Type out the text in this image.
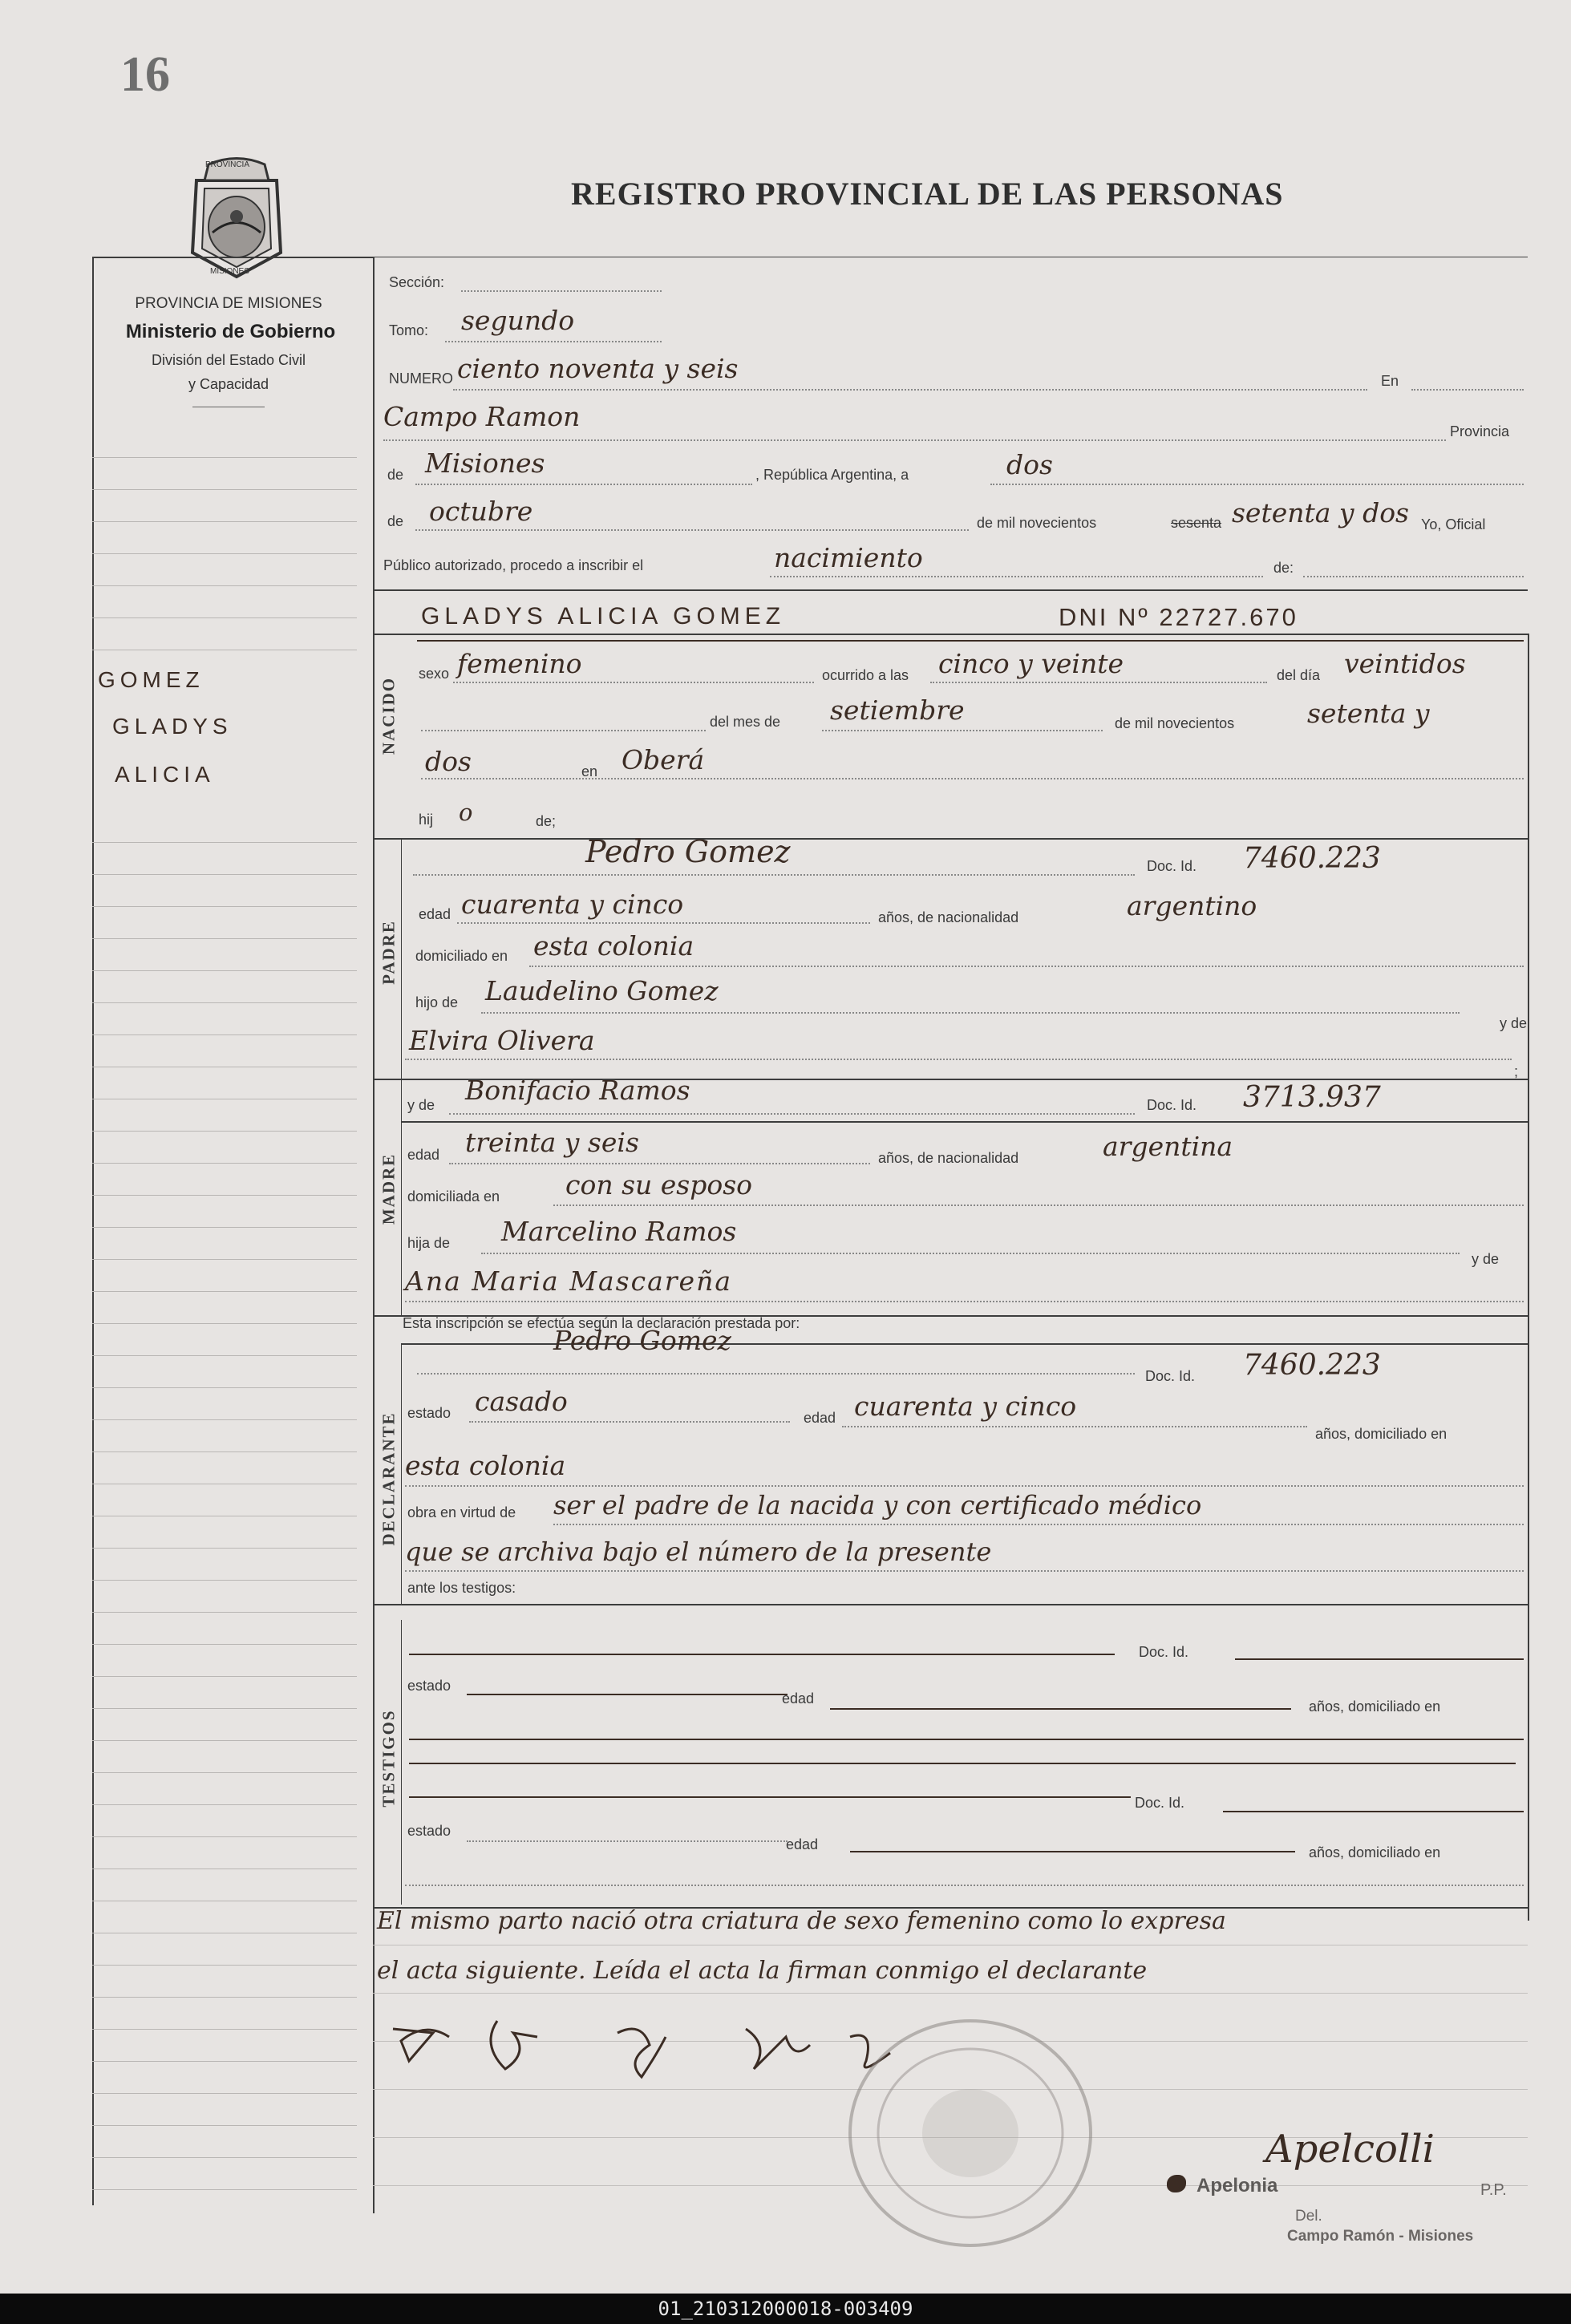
16
PROVINCIA
MISIONES
REGISTRO PROVINCIAL DE LAS PERSONAS
PROVINCIA DE MISIONES
Ministerio de Gobierno
División del Estado Civil
y Capacidad
GOMEZ
GLADYS
ALICIA
Sección:
Tomo: segundo
NUMERO ciento noventa y seis	En
Campo Ramon	Provincia
de Misiones	, República Argentina, a	dos
de octubre	de mil novecientos	sesenta setenta y dos Yo, Oficial
Público autorizado, procedo a inscribir el	nacimiento	de:
NACIDO
GLADYS ALICIA GOMEZ	DNI Nº 22727.670
sexo femenino	ocurrido a las cinco y veinte	del día veintidos
del mes de setiembre	de mil novecientos	setenta y
dos	en Oberá
hij o	de;
PADRE
Pedro Gomez	Doc. Id. 7460.223
edad cuarenta y cinco	años, de nacionalidad	argentino
domiciliado en esta colonia
hijo de Laudelino Gomez
y de
Elvira Olivera
;
MADRE
y de Bonifacio Ramos	Doc. Id. 3713.937
edad treinta y seis	años, de nacionalidad	argentina
domiciliada en con su esposo
hija de Marcelino Ramos
y de
Ana Maria Mascareña
Esta inscripción se efectúa según la declaración prestada por:
DECLARANTE
Pedro Gomez
Doc. Id. 7460.223
estado casado
edad cuarenta y cinco
años, domiciliado en
esta colonia
obra en virtud de ser el padre de la nacida y con certificado médico
que se archiva bajo el número de la presente
ante los testigos:
TESTIGOS
Doc. Id.
estado
edad	años, domiciliado en
Doc. Id.
estado
edad	años, domiciliado en
El mismo parto nació otra criatura de sexo femenino como lo expresa
el acta siguiente. Leída el acta la firman conmigo el declarante
Apelcolli
Apelonia	P.P.
Del.
Campo Ramón - Misiones
01_210312000018-003409
